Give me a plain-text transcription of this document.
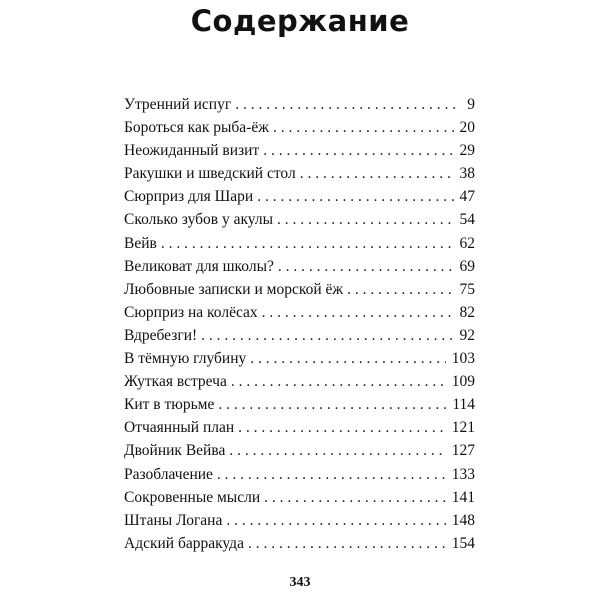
Содержание
Утренний испуг . . .	9
Бороться как рыба-ёж . . .	20
Неожиданный визит . . .	29
Ракушки и шведский стол . . .	38
Сюрприз для Шари . . .	47
Сколько зубов у акулы . . .	54
Вейв . . .	62
Великоват для школы? . . .	69
Любовные записки и морской ёж . . .	75
Сюрприз на колёсах . . .	82
Вдребезги! . . .	92
В тёмную глубину . . .	103
Жуткая встреча . . .	109
Кит в тюрьме . . .	114
Отчаянный план . . .	121
Двойник Вейва . . .	127
Разоблачение . . .	133
Сокровенные мысли . . .	141
Штаны Логана . . .	148
Адский барракуда . . .	154
343
